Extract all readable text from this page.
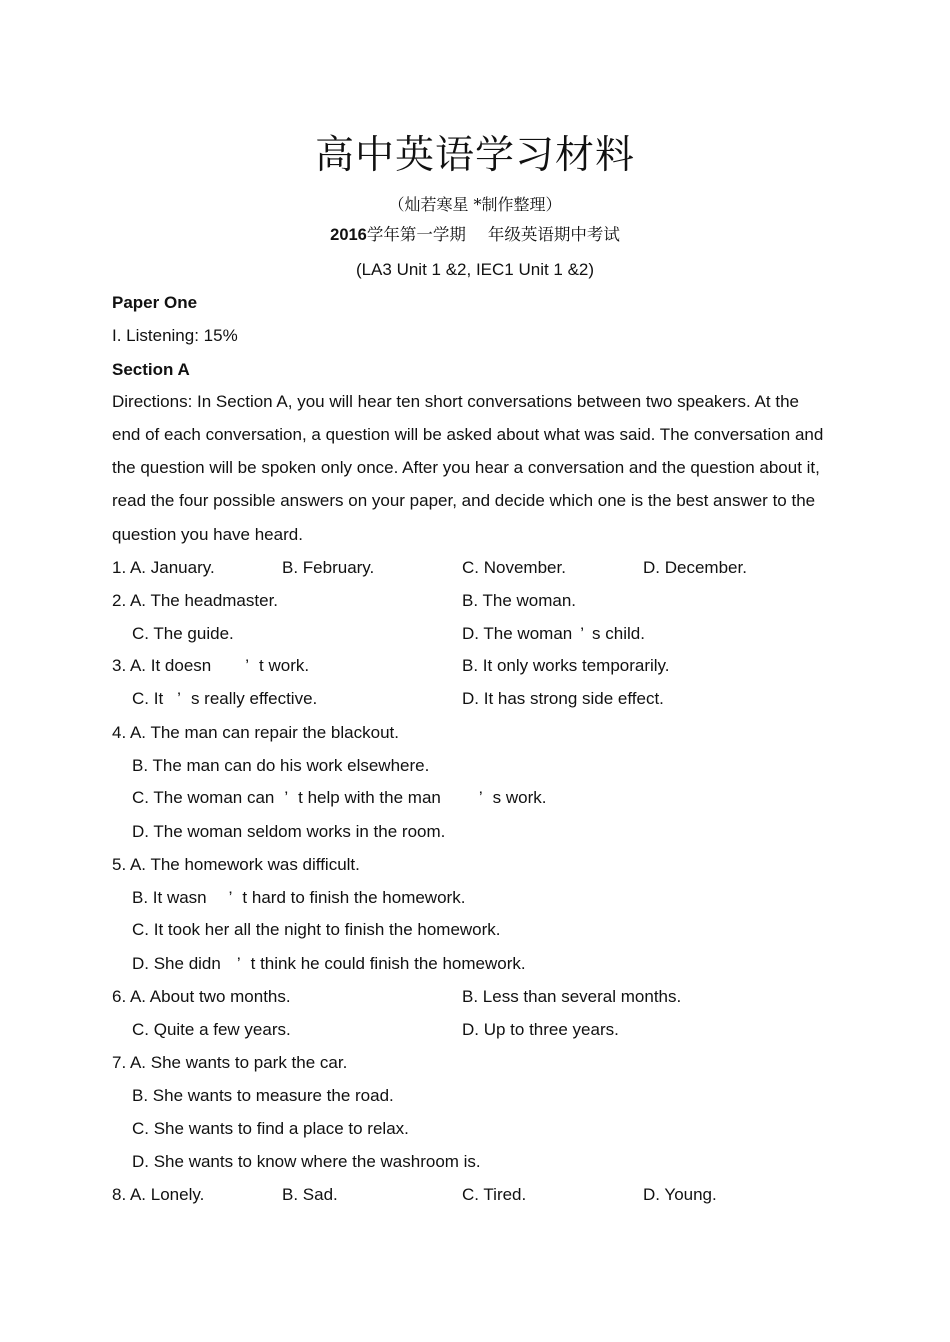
高中英语学习材料
（灿若寒星 *制作整理）
2016学年第一学期 年级英语期中考试
(LA3 Unit 1 &2, IEC1 Unit 1 &2)
Paper One
I. Listening: 15%
Section A
Directions: In Section A, you will hear ten short conversations between two speakers. At the
end of each conversation, a question will be asked about what was said. The conversation and
the question will be spoken only once. After you hear a conversation and the question about it,
read the four possible answers on your paper, and decide which one is the best answer to the
question you have heard.
1. A. January.	B. February.	C. November.	D. December.
2. A. The headmaster.	B. The woman.
C. The guide.	D. The woman ’ s child.
3. A. It doesn ’ t work.	B. It only works temporarily.
C. It ’ s really effective.	D. It has strong side effect.
4. A. The man can repair the blackout.
B. The man can do his work elsewhere.
C. The woman can ’ t help with the man ’ s work.
D. The woman seldom works in the room.
5. A. The homework was difficult.
B. It wasn ’ t hard to finish the homework.
C. It took her all the night to finish the homework.
D. She didn ’ t think he could finish the homework.
6. A. About two months.	B. Less than several months.
C. Quite a few years.	D. Up to three years.
7. A. She wants to park the car.
B. She wants to measure the road.
C. She wants to find a place to relax.
D. She wants to know where the washroom is.
8. A. Lonely.	B. Sad.	C. Tired.	D. Young.
